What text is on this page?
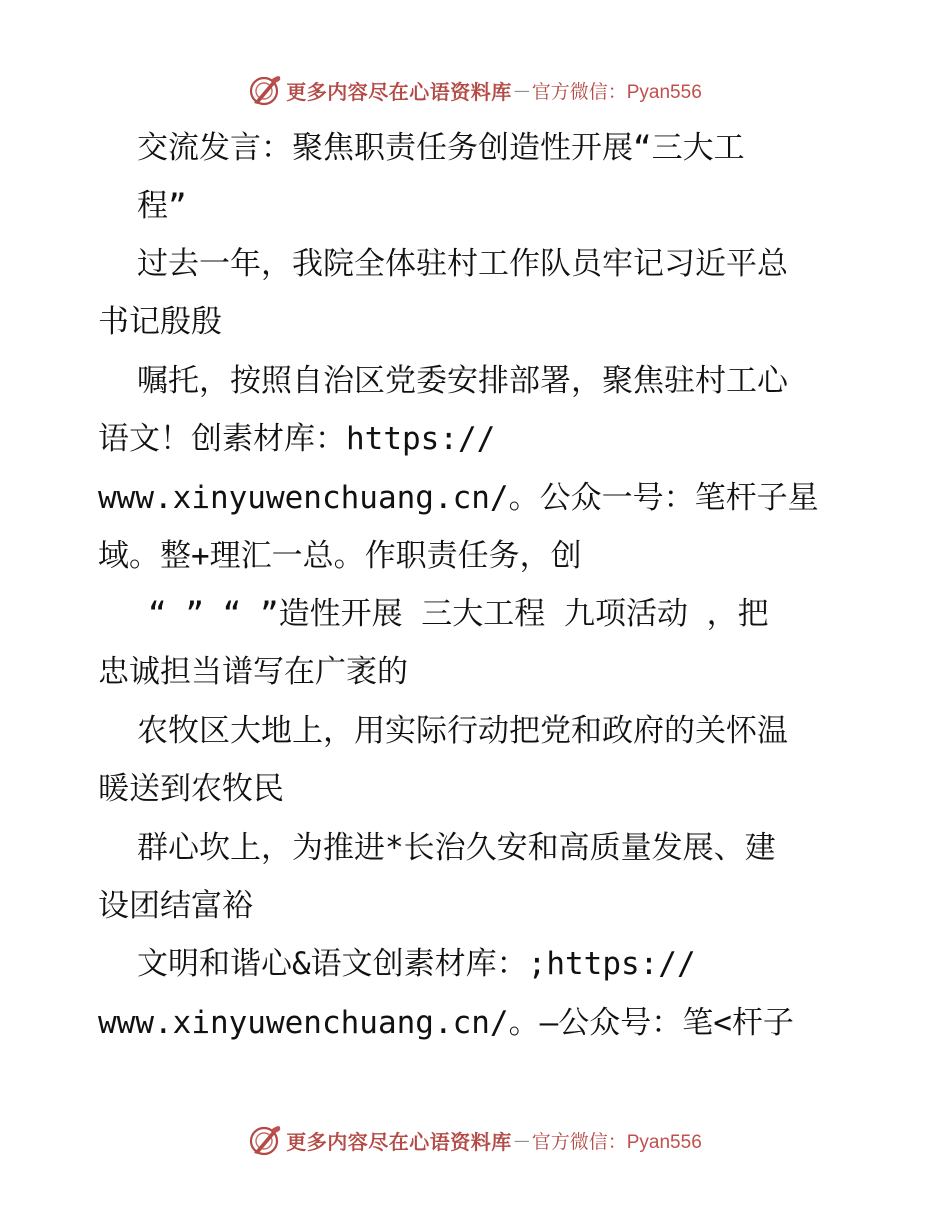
更多内容尽在心语资料库 — 官方微信：Pyan556
交流发言：聚焦职责任务创造性开展“三大工
程”
过去一年，我院全体驻村工作队员牢记习近平总
书记殷殷
嘱托，按照自治区党委安排部署，聚焦驻村工心
语文！创素材库：https://
www.xinyuwenchuang.cn/。公众一号：笔杆子星
域。整+理汇一总。作职责任务，创
“ ” “ ”造性开展 三大工程 九项活动 ，把
忠诚担当谱写在广袤的
农牧区大地上，用实际行动把党和政府的关怀温
暖送到农牧民
群心坎上，为推进*长治久安和高质量发展、建
设团结富裕
文明和谐心&语文创素材库：;https://
www.xinyuwenchuang.cn/。—公众号：笔<杆子
更多内容尽在心语资料库 — 官方微信：Pyan556
